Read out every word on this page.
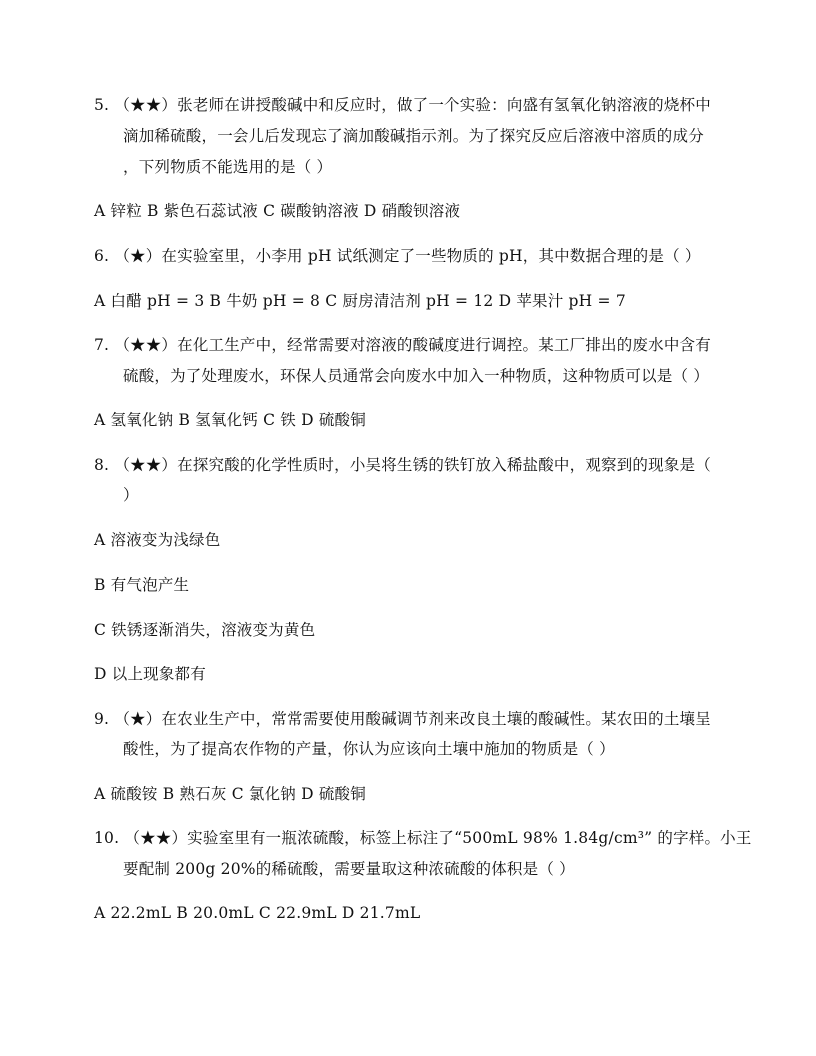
5. （★★）张老师在讲授酸碱中和反应时，做了一个实验：向盛有氢氧化钠溶液的烧杯中
滴加稀硫酸，一会儿后发现忘了滴加酸碱指示剂。为了探究反应后溶液中溶质的成分
，下列物质不能选用的是（ ）
A 锌粒 B 紫色石蕊试液 C 碳酸钠溶液 D 硝酸钡溶液
6. （★）在实验室里，小李用 pH 试纸测定了一些物质的 pH，其中数据合理的是（ ）
A 白醋 pH = 3 B 牛奶 pH = 8 C 厨房清洁剂 pH = 12 D 苹果汁 pH = 7
7. （★★）在化工生产中，经常需要对溶液的酸碱度进行调控。某工厂排出的废水中含有
硫酸，为了处理废水，环保人员通常会向废水中加入一种物质，这种物质可以是（ ）
A 氢氧化钠 B 氢氧化钙 C 铁 D 硫酸铜
8. （★★）在探究酸的化学性质时，小吴将生锈的铁钉放入稀盐酸中，观察到的现象是（
）
A 溶液变为浅绿色
B 有气泡产生
C 铁锈逐渐消失，溶液变为黄色
D 以上现象都有
9. （★）在农业生产中，常常需要使用酸碱调节剂来改良土壤的酸碱性。某农田的土壤呈
酸性，为了提高农作物的产量，你认为应该向土壤中施加的物质是（ ）
A 硫酸铵 B 熟石灰 C 氯化钠 D 硫酸铜
10. （★★）实验室里有一瓶浓硫酸，标签上标注了“500mL 98% 1.84g/cm³” 的字样。小王
要配制 200g 20%的稀硫酸，需要量取这种浓硫酸的体积是（ ）
A 22.2mL B 20.0mL C 22.9mL D 21.7mL
